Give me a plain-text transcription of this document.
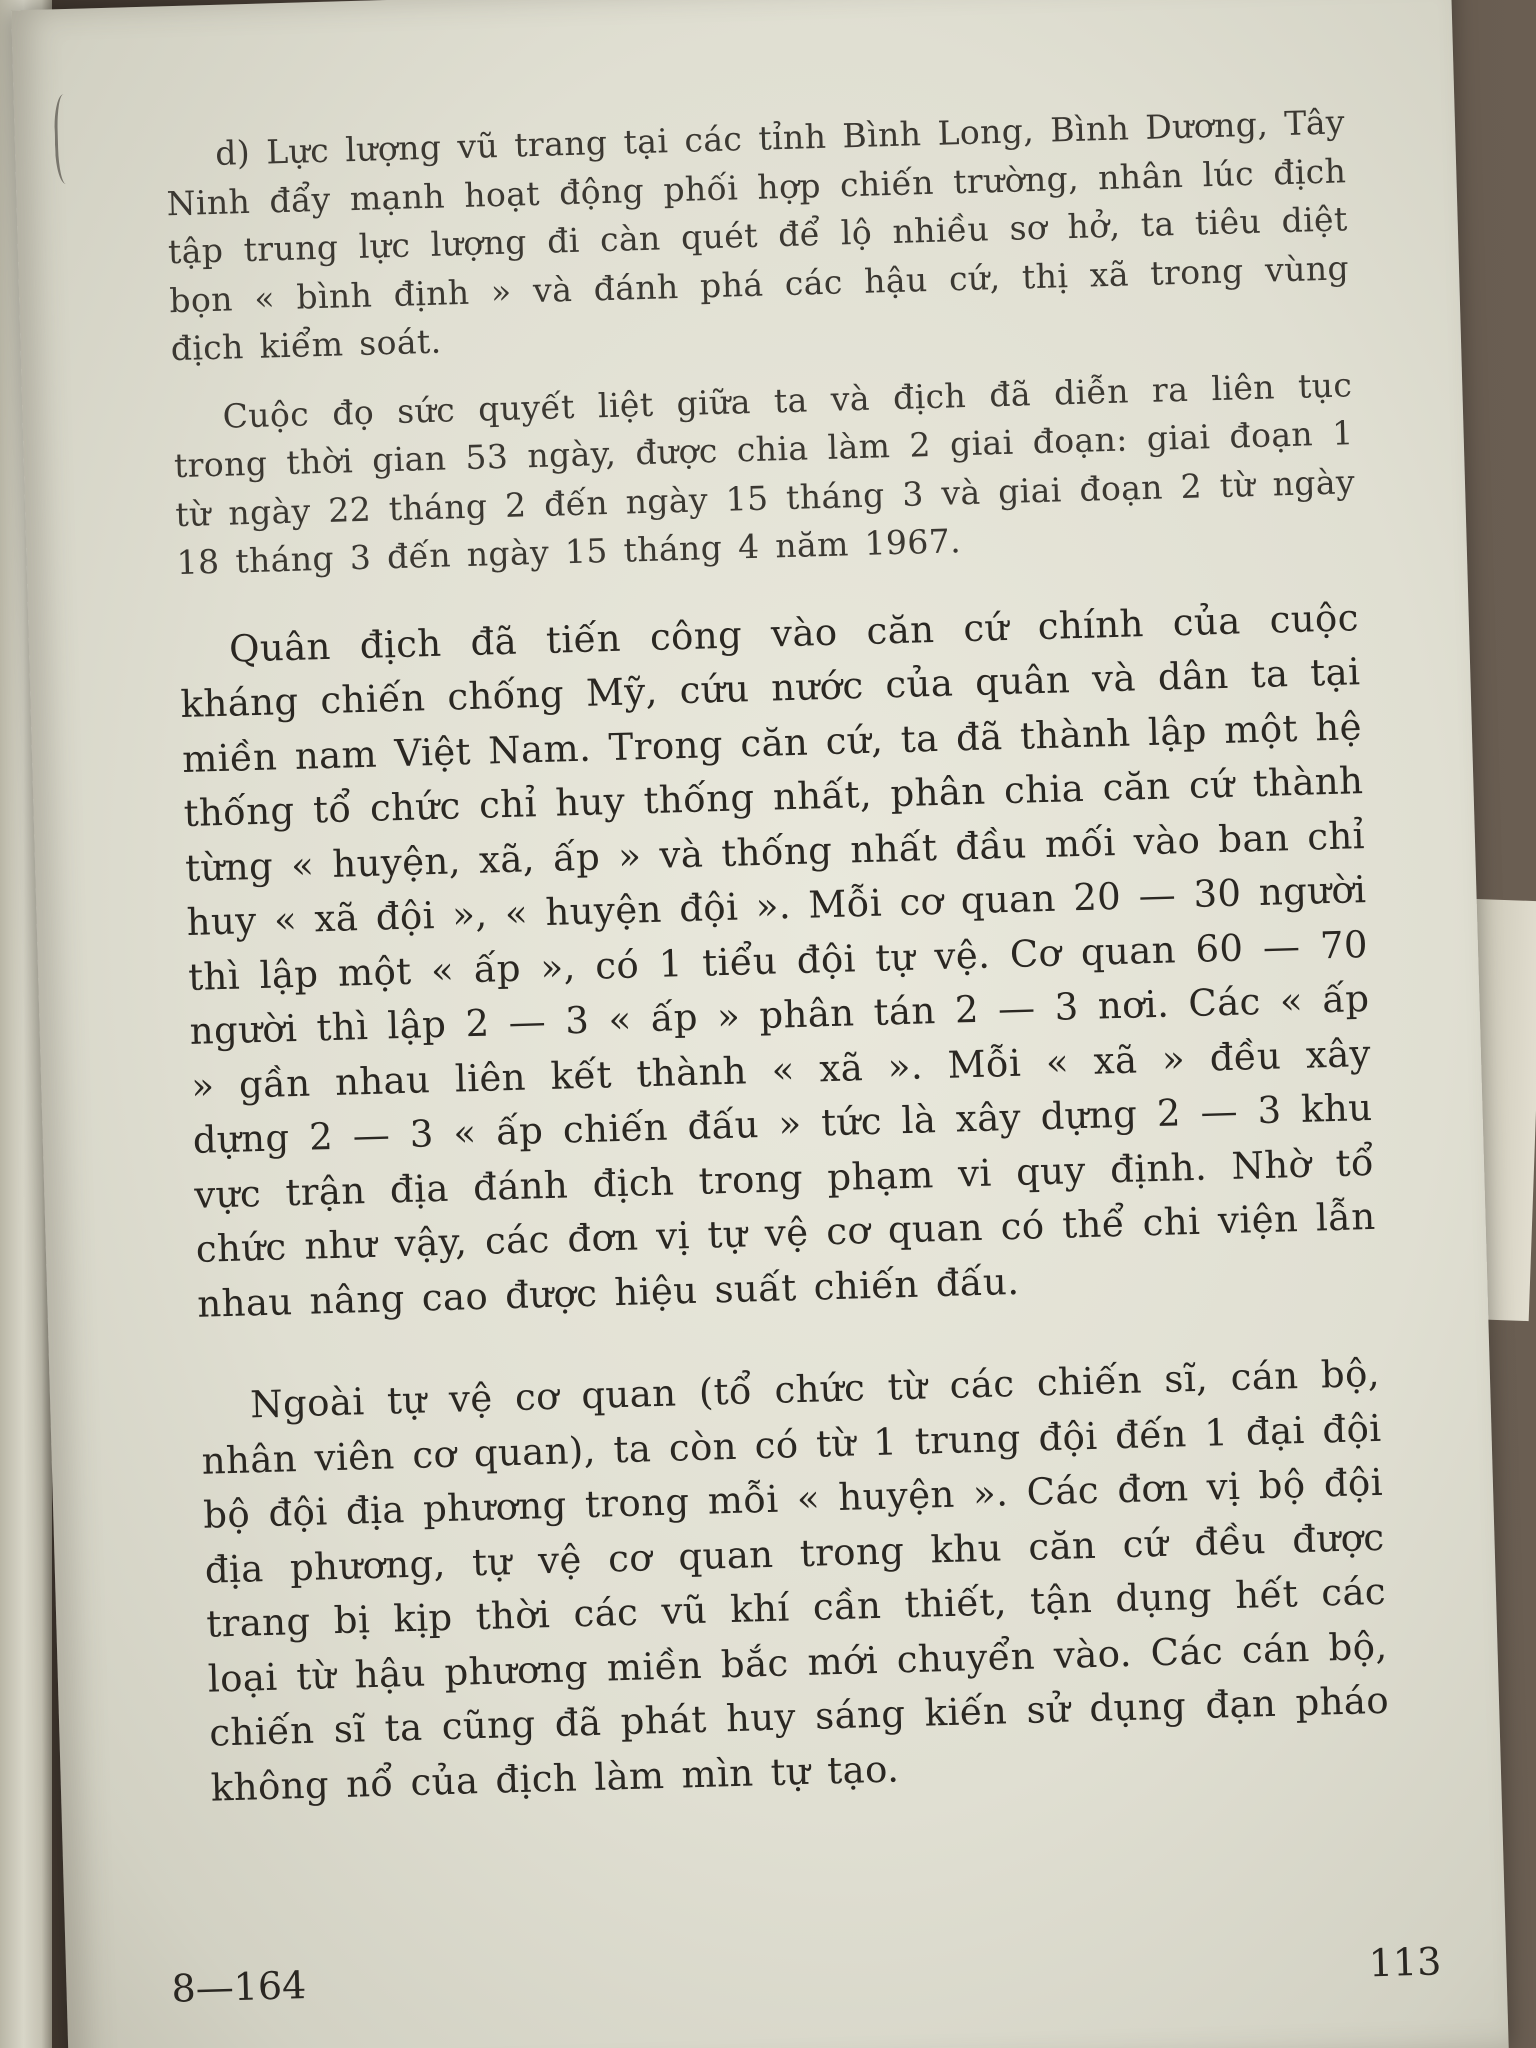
d) Lực lượng vũ trang tại các tỉnh Bình Long, Bình Dương, Tây Ninh đẩy mạnh hoạt động phối hợp chiến trường, nhân lúc địch tập trung lực lượng đi càn quét để lộ nhiều sơ hở, ta tiêu diệt bọn « bình định » và đánh phá các hậu cứ, thị xã trong vùng địch kiểm soát.

Cuộc đọ sức quyết liệt giữa ta và địch đã diễn ra liên tục trong thời gian 53 ngày, được chia làm 2 giai đoạn: giai đoạn 1 từ ngày 22 tháng 2 đến ngày 15 tháng 3 và giai đoạn 2 từ ngày 18 tháng 3 đến ngày 15 tháng 4 năm 1967.

Quân địch đã tiến công vào căn cứ chính của cuộc kháng chiến chống Mỹ, cứu nước của quân và dân ta tại miền nam Việt Nam. Trong căn cứ, ta đã thành lập một hệ thống tổ chức chỉ huy thống nhất, phân chia căn cứ thành từng « huyện, xã, ấp » và thống nhất đầu mối vào ban chỉ huy « xã đội », « huyện đội ». Mỗi cơ quan 20 — 30 người thì lập một « ấp », có 1 tiểu đội tự vệ. Cơ quan 60 — 70 người thì lập 2 — 3 « ấp » phân tán 2 — 3 nơi. Các « ấp » gần nhau liên kết thành « xã ». Mỗi « xã » đều xây dựng 2 — 3 « ấp chiến đấu » tức là xây dựng 2 — 3 khu vực trận địa đánh địch trong phạm vi quy định. Nhờ tổ chức như vậy, các đơn vị tự vệ cơ quan có thể chi viện lẫn nhau nâng cao được hiệu suất chiến đấu.

Ngoài tự vệ cơ quan (tổ chức từ các chiến sĩ, cán bộ, nhân viên cơ quan), ta còn có từ 1 trung đội đến 1 đại đội bộ đội địa phương trong mỗi « huyện ». Các đơn vị bộ đội địa phương, tự vệ cơ quan trong khu căn cứ đều được trang bị kịp thời các vũ khí cần thiết, tận dụng hết các loại từ hậu phương miền bắc mới chuyển vào. Các cán bộ, chiến sĩ ta cũng đã phát huy sáng kiến sử dụng đạn pháo không nổ của địch làm mìn tự tạo.

8—164
113
